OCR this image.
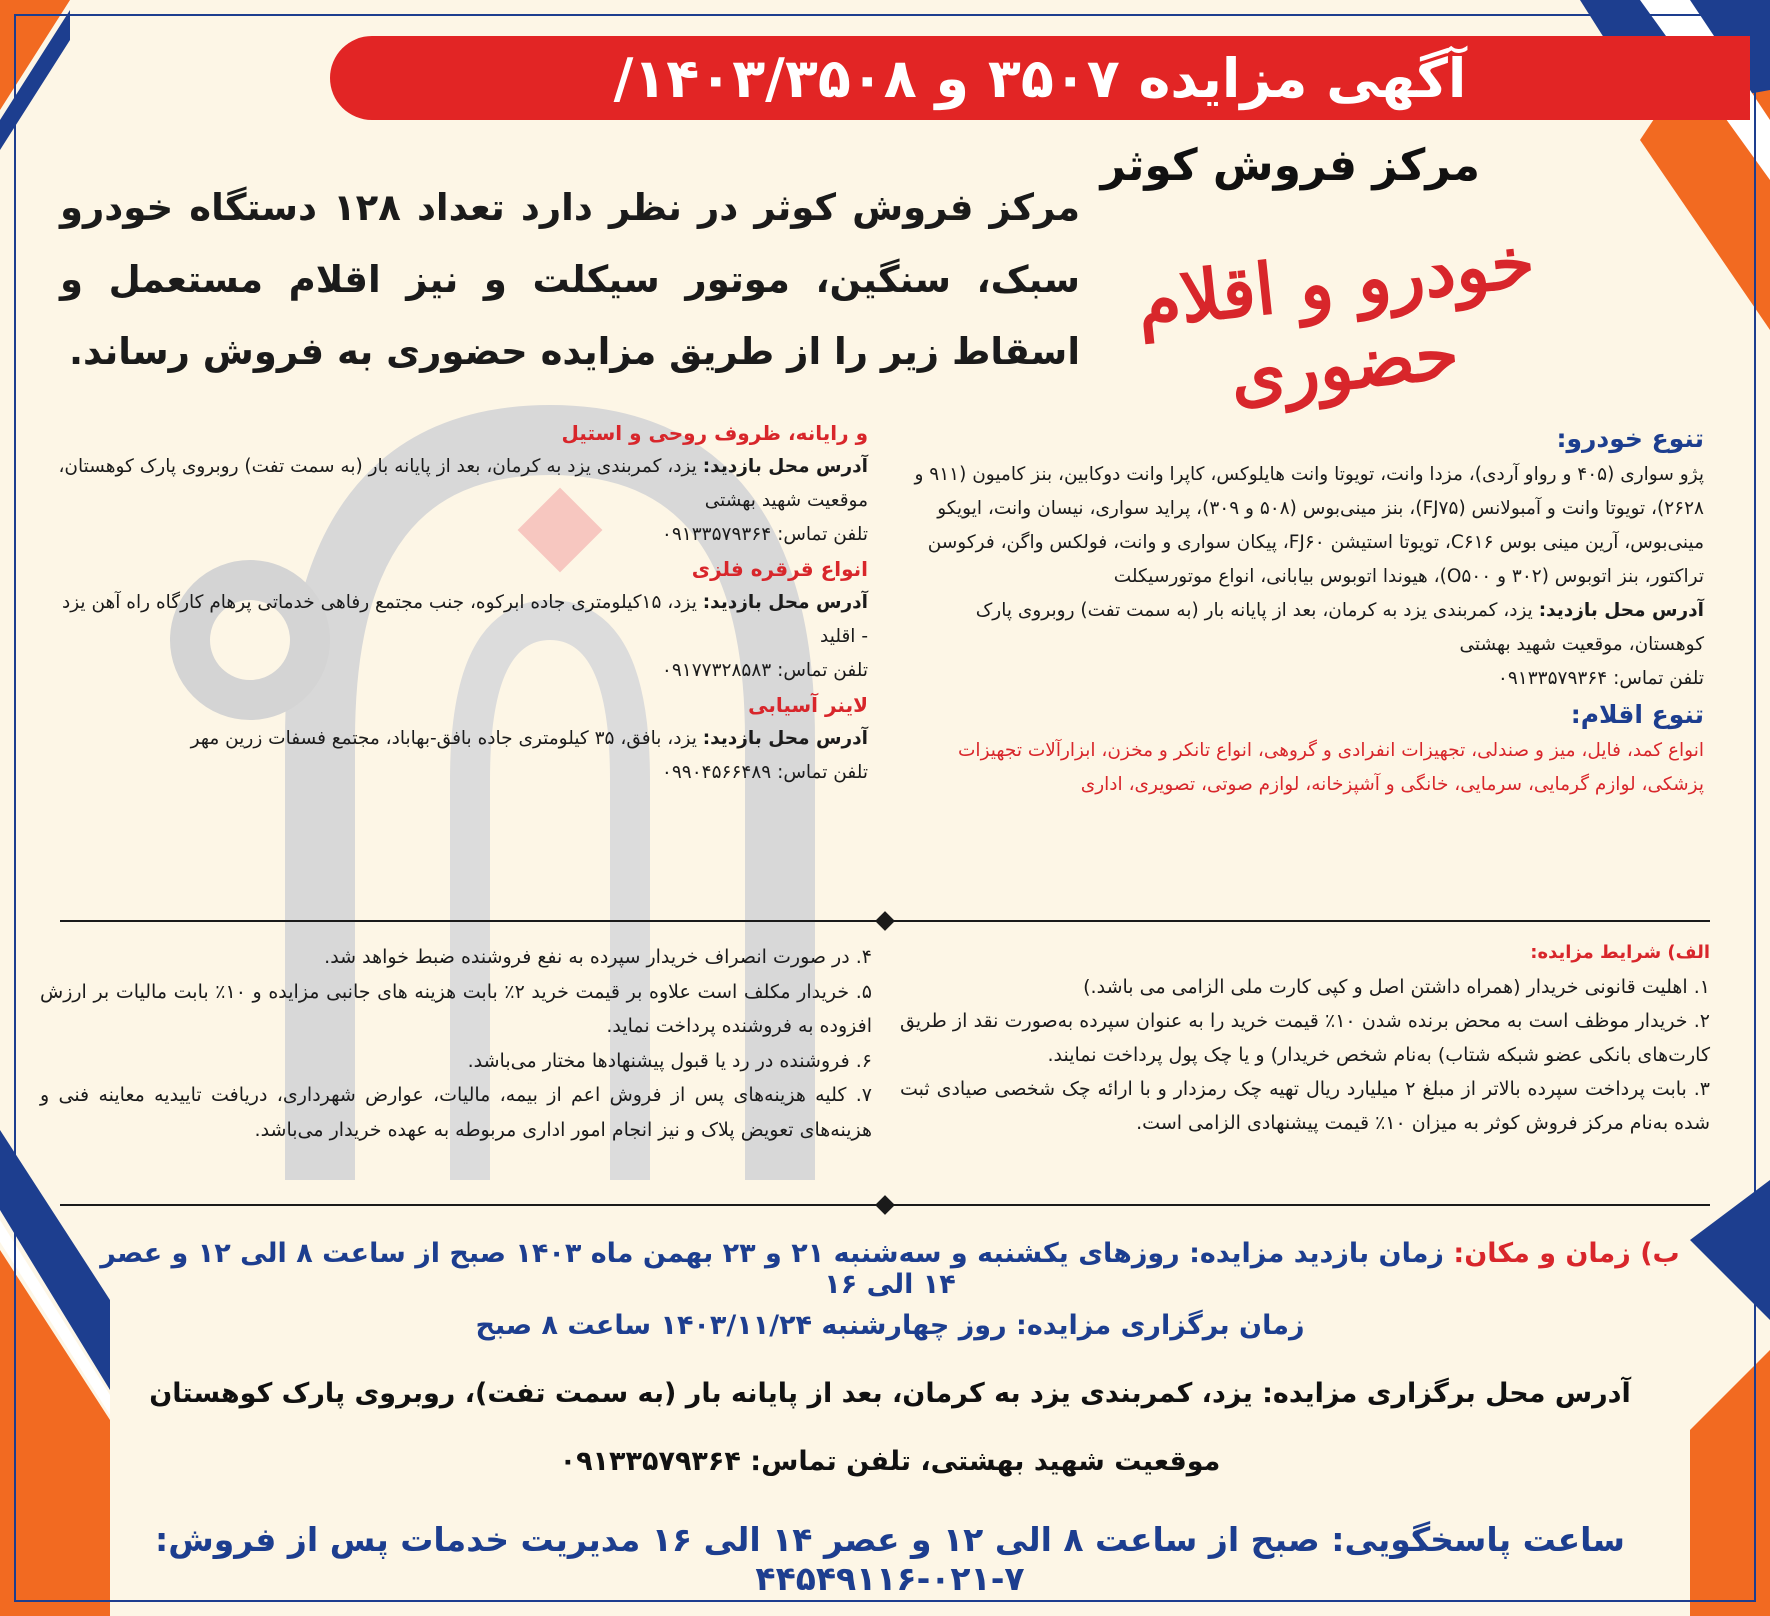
آگهی مزایده ۳۵۰۷ و ۱۴۰۳/۳۵۰۸/
مرکز فروش کوثر
خودرو و اقلام حضوری
مرکز فروش کوثر در نظر دارد تعداد ۱۲۸ دستگاه خودرو سبک، سنگین، موتور سیکلت و نیز اقلام مستعمل و اسقاط زیر را از طریق مزایده حضوری به فروش رساند.
تنوع خودرو:

پژو سواری (۴۰۵ و رواو آردی)، مزدا وانت، تویوتا وانت هایلوکس، کاپرا وانت دوکابین، بنز کامیون (۹۱۱ و ۲۶۲۸)، تویوتا وانت و آمبولانس (FJ۷۵)، بنز مینی‌بوس (۵۰۸ و ۳۰۹)، پراید سواری، نیسان وانت، ایویکو مینی‌بوس، آرین مینی بوس C۶۱۶، تویوتا استیشن FJ۶۰، پیکان سواری و وانت، فولکس واگن، فرکوسن تراکتور، بنز اتوبوس (۳۰۲ و O۵۰۰)، هیوندا اتوبوس بیابانی، انواع موتورسیکلت

آدرس محل بازدید: یزد، کمربندی یزد به کرمان، بعد از پایانه بار (به سمت تفت) روبروی پارک کوهستان، موقعیت شهید بهشتی

تلفن تماس: ۰۹۱۳۳۵۷۹۳۶۴

تنوع اقلام:

انواع کمد، فایل، میز و صندلی، تجهیزات انفرادی و گروهی، انواع تانکر و مخزن، ابزارآلات تجهیزات پزشکی، لوازم گرمایی، سرمایی، خانگی و آشپزخانه، لوازم صوتی، تصویری، اداری

و رایانه، ظروف روحی و استیل

آدرس محل بازدید: یزد، کمربندی یزد به کرمان، بعد از پایانه بار (به سمت تفت) روبروی پارک کوهستان، موقعیت شهید بهشتی

تلفن تماس: ۰۹۱۳۳۵۷۹۳۶۴

انواع قرقره فلزی

آدرس محل بازدید: یزد، ۱۵کیلومتری جاده ابرکوه، جنب مجتمع رفاهی خدماتی پرهام کارگاه راه آهن یزد - اقلید

تلفن تماس: ۰۹۱۷۷۳۲۸۵۸۳

لاینر آسیابی

آدرس محل بازدید: یزد، بافق، ۳۵ کیلومتری جاده بافق-بهاباد، مجتمع فسفات زرین مهر

تلفن تماس: ۰۹۹۰۴۵۶۶۴۸۹

الف) شرایط مزایده:

۱. اهلیت قانونی خریدار (همراه داشتن اصل و کپی کارت ملی الزامی می باشد.)

۲. خریدار موظف است به محض برنده شدن ۱۰٪ قیمت خرید را به عنوان سپرده به‌صورت نقد از طریق کارت‌های بانکی عضو شبکه شتاب) به‌نام شخص خریدار) و یا چک پول پرداخت نمایند.

۳. بابت پرداخت سپرده بالاتر از مبلغ ۲ میلیارد ریال تهیه چک رمزدار و با ارائه چک شخصی صیادی ثبت شده به‌نام مرکز فروش کوثر به میزان ۱۰٪ قیمت پیشنهادی الزامی است.

۴. در صورت انصراف خریدار سپرده به نفع فروشنده ضبط خواهد شد.

۵. خریدار مکلف است علاوه بر قیمت خرید ۲٪ بابت هزینه های جانبی مزایده و ۱۰٪ بابت مالیات بر ارزش افزوده به فروشنده پرداخت نماید.

۶. فروشنده در رد یا قبول پیشنهادها مختار می‌باشد.

۷. کلیه هزینه‌های پس از فروش اعم از بیمه، مالیات، عوارض شهرداری، دریافت تاییدیه معاینه فنی و هزینه‌های تعویض پلاک و نیز انجام امور اداری مربوطه به عهده خریدار می‌باشد.

ب) زمان و مکان: زمان بازدید مزایده: روزهای یکشنبه و سه‌شنبه ۲۱ و ۲۳ بهمن ماه ۱۴۰۳ صبح از ساعت ۸ الی ۱۲ و عصر ۱۴ الی ۱۶
زمان برگزاری مزایده: روز چهارشنبه ۱۴۰۳/۱۱/۲۴ ساعت ۸ صبح
آدرس محل برگزاری مزایده: یزد، کمربندی یزد به کرمان، بعد از پایانه بار (به سمت تفت)، روبروی پارک کوهستان
موقعیت شهید بهشتی، تلفن تماس: ۰۹۱۳۳۵۷۹۳۶۴
ساعت پاسخگویی: صبح از ساعت ۸ الی ۱۲ و عصر ۱۴ الی ۱۶ مدیریت خدمات پس از فروش: ۷-۰۲۱-۴۴۵۴۹۱۱۶
